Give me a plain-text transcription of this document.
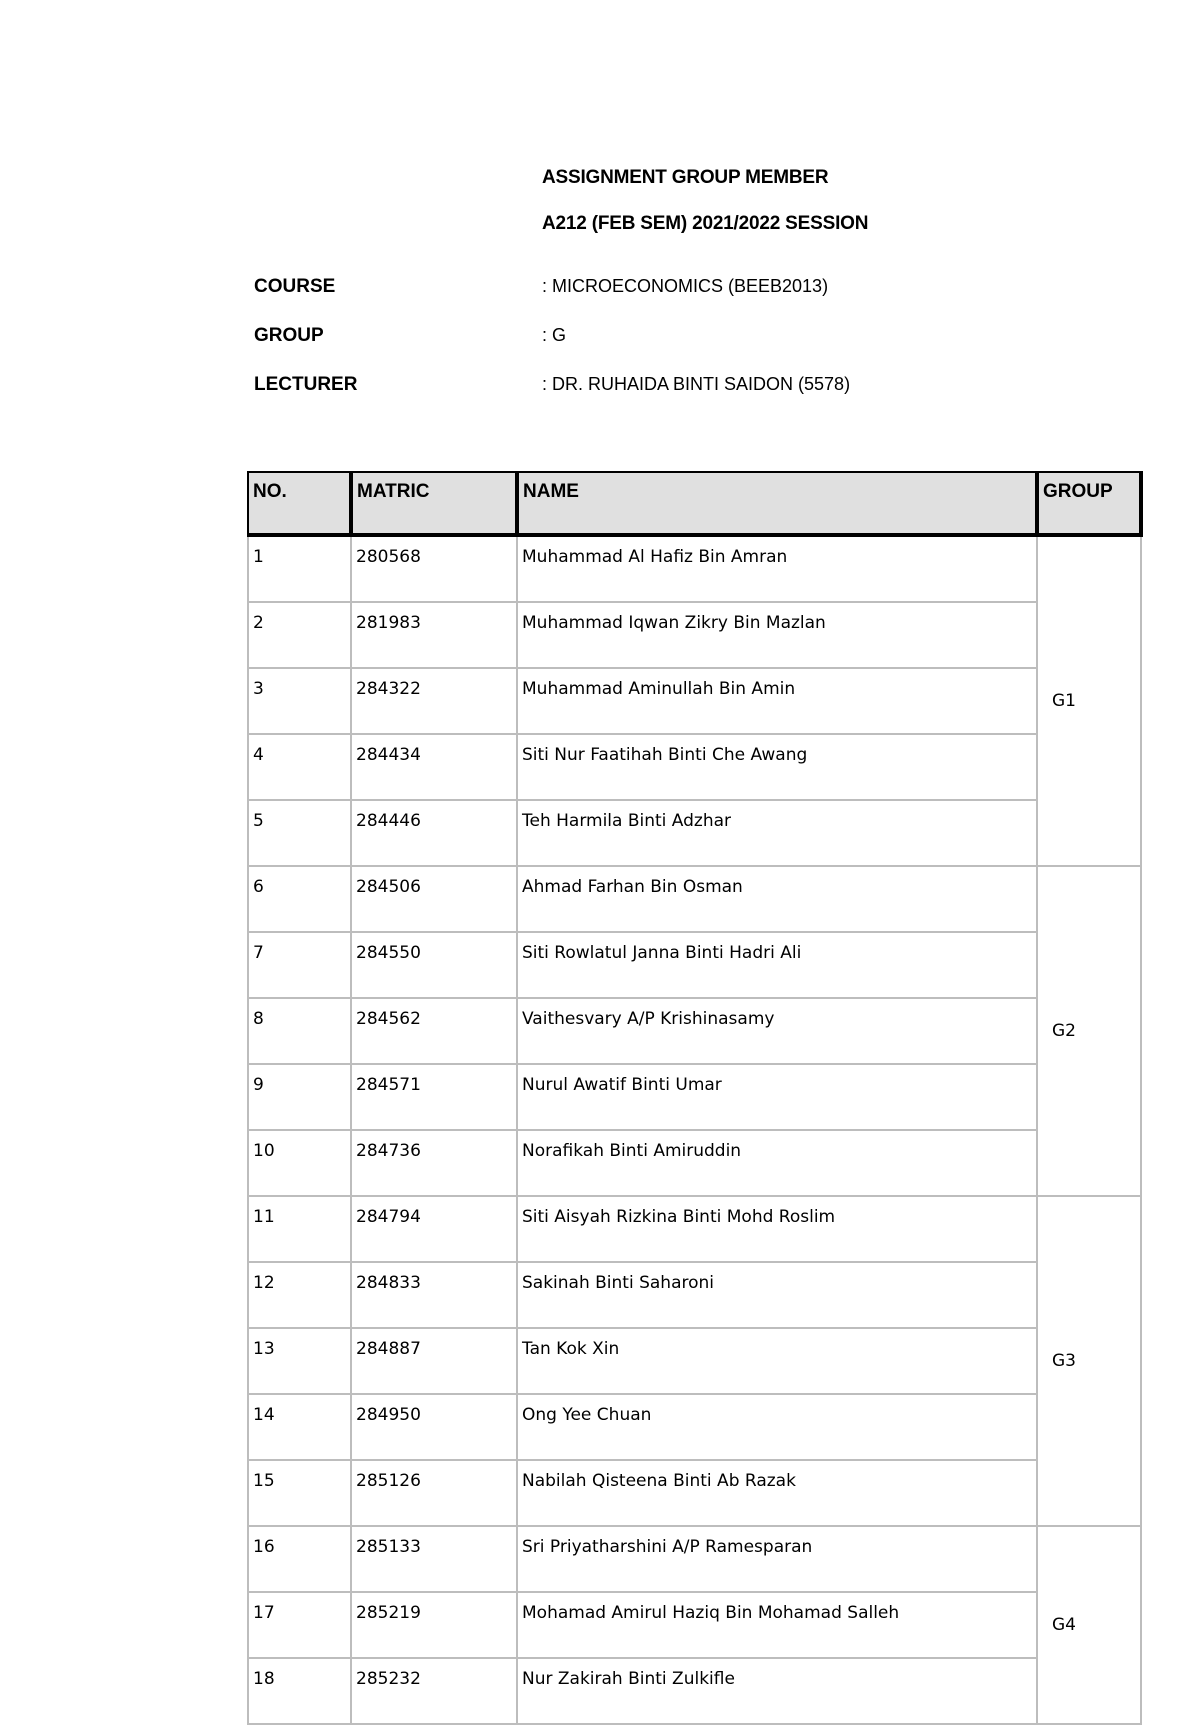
ASSIGNMENT GROUP MEMBER
A212 (FEB SEM) 2021/2022 SESSION
COURSE	: MICROECONOMICS (BEEB2013)
GROUP	: G
LECTURER	: DR. RUHAIDA BINTI SAIDON (5578)
NO.	MATRIC	NAME	GROUP
1	280568	Muhammad Al Hafiz Bin Amran	G1
2	281983	Muhammad Iqwan Zikry Bin Mazlan	
3	284322	Muhammad Aminullah Bin Amin	
4	284434	Siti Nur Faatihah Binti Che Awang	
5	284446	Teh Harmila Binti Adzhar	
6	284506	Ahmad Farhan Bin Osman	G2
7	284550	Siti Rowlatul Janna Binti Hadri Ali	
8	284562	Vaithesvary A/P Krishinasamy	
9	284571	Nurul Awatif Binti Umar	
10	284736	Norafikah Binti Amiruddin	
11	284794	Siti Aisyah Rizkina Binti Mohd Roslim	G3
12	284833	Sakinah Binti Saharoni	
13	284887	Tan Kok Xin	
14	284950	Ong Yee Chuan	
15	285126	Nabilah Qisteena Binti Ab Razak	
16	285133	Sri Priyatharshini A/P Ramesparan	G4
17	285219	Mohamad Amirul Haziq Bin Mohamad Salleh	
18	285232	Nur Zakirah Binti Zulkifle	
